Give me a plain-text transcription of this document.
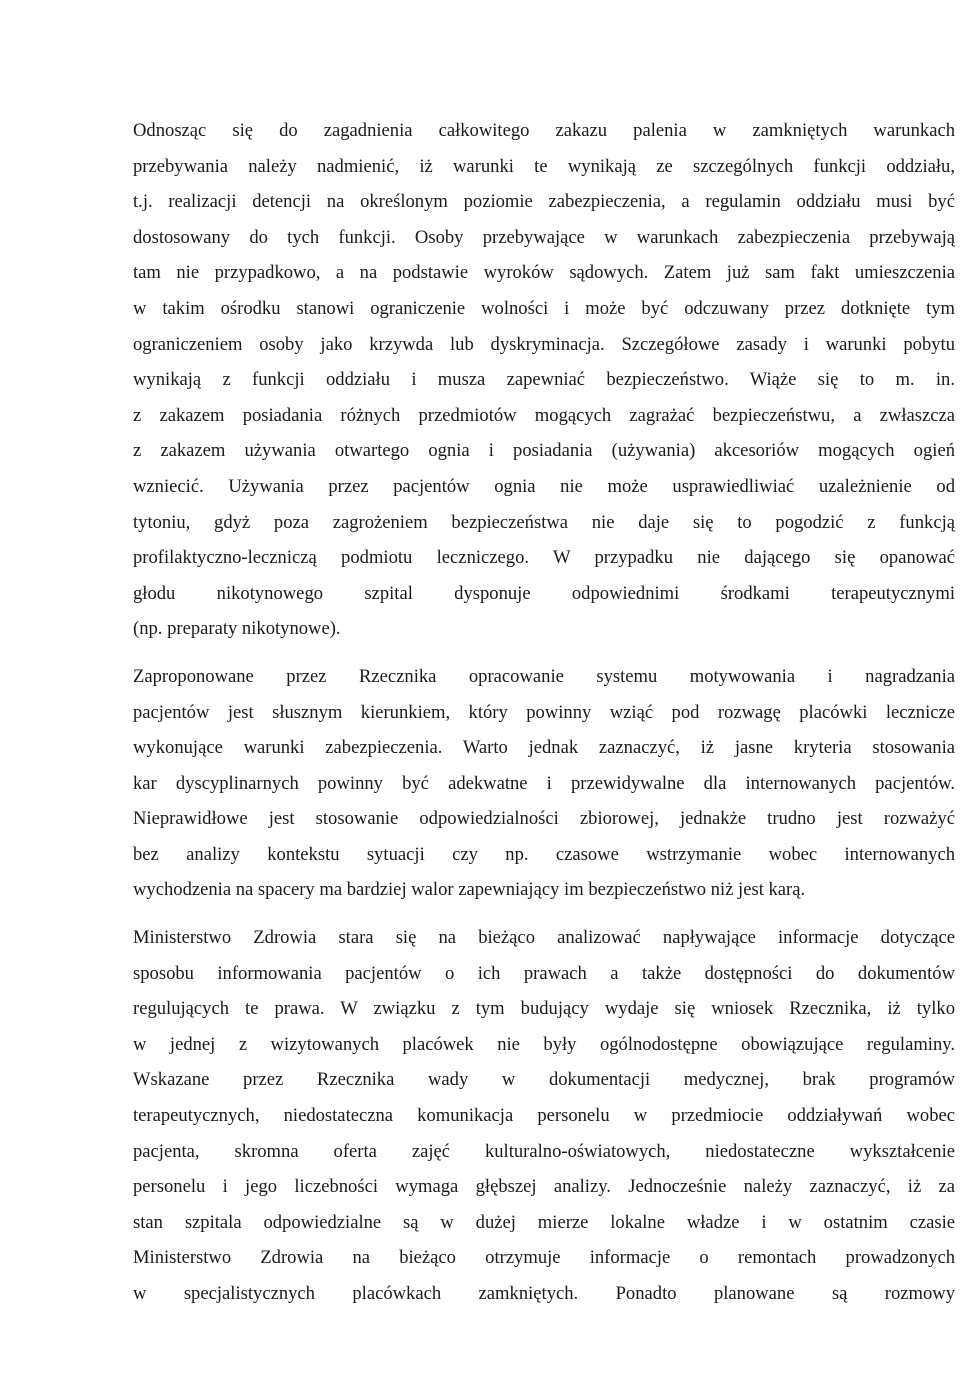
Odnosząc się do zagadnienia całkowitego zakazu palenia w zamkniętych warunkach
przebywania należy nadmienić, iż warunki te wynikają ze szczególnych funkcji oddziału,
t.j. realizacji detencji na określonym poziomie zabezpieczenia, a regulamin oddziału musi być
dostosowany do tych funkcji. Osoby przebywające w warunkach zabezpieczenia przebywają
tam nie przypadkowo, a na podstawie wyroków sądowych. Zatem już sam fakt umieszczenia
w takim ośrodku stanowi ograniczenie wolności i może być odczuwany przez dotknięte tym
ograniczeniem osoby jako krzywda lub dyskryminacja. Szczegółowe zasady i warunki pobytu
wynikają z funkcji oddziału i musza zapewniać bezpieczeństwo. Wiąże się to m. in.
z zakazem posiadania różnych przedmiotów mogących zagrażać bezpieczeństwu, a zwłaszcza
z zakazem używania otwartego ognia i posiadania (używania) akcesoriów mogących ogień
wzniecić. Używania przez pacjentów ognia nie może usprawiedliwiać uzależnienie od
tytoniu, gdyż poza zagrożeniem bezpieczeństwa nie daje się to pogodzić z funkcją
profilaktyczno-leczniczą podmiotu leczniczego. W przypadku nie dającego się opanować
głodu nikotynowego szpital dysponuje odpowiednimi środkami terapeutycznymi
(np. preparaty nikotynowe).
Zaproponowane przez Rzecznika opracowanie systemu motywowania i nagradzania
pacjentów jest słusznym kierunkiem, który powinny wziąć pod rozwagę placówki lecznicze
wykonujące warunki zabezpieczenia. Warto jednak zaznaczyć, iż jasne kryteria stosowania
kar dyscyplinarnych powinny być adekwatne i przewidywalne dla internowanych pacjentów.
Nieprawidłowe jest stosowanie odpowiedzialności zbiorowej, jednakże trudno jest rozważyć
bez analizy kontekstu sytuacji czy np. czasowe wstrzymanie wobec internowanych
wychodzenia na spacery ma bardziej walor zapewniający im bezpieczeństwo niż jest karą.
Ministerstwo Zdrowia stara się na bieżąco analizować napływające informacje dotyczące
sposobu informowania pacjentów o ich prawach a także dostępności do dokumentów
regulujących te prawa. W związku z tym budujący wydaje się wniosek Rzecznika, iż tylko
w jednej z wizytowanych placówek nie były ogólnodostępne obowiązujące regulaminy.
Wskazane przez Rzecznika wady w dokumentacji medycznej, brak programów
terapeutycznych, niedostateczna komunikacja personelu w przedmiocie oddziaływań wobec
pacjenta, skromna oferta zajęć kulturalno-oświatowych, niedostateczne wykształcenie
personelu i jego liczebności wymaga głębszej analizy. Jednocześnie należy zaznaczyć, iż za
stan szpitala odpowiedzialne są w dużej mierze lokalne władze i w ostatnim czasie
Ministerstwo Zdrowia na bieżąco otrzymuje informacje o remontach prowadzonych
w specjalistycznych placówkach zamkniętych. Ponadto planowane są rozmowy
